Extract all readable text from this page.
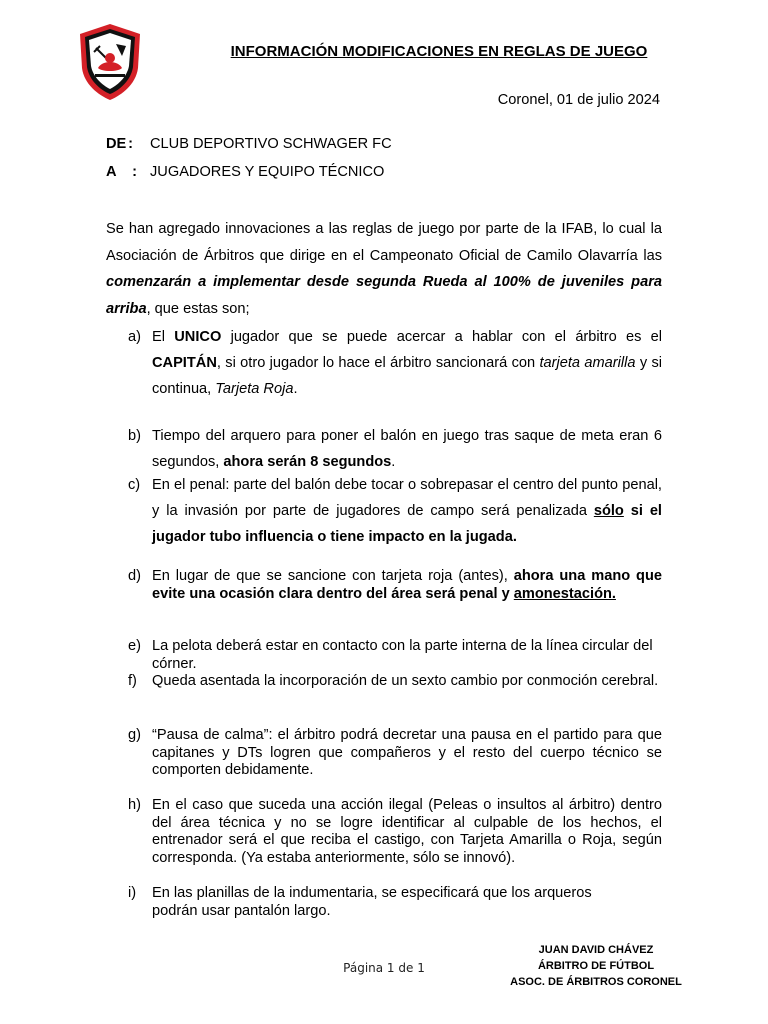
INFORMACIÓN MODIFICACIONES EN REGLAS DE JUEGO
Coronel, 01 de julio 2024
DE : CLUB DEPORTIVO SCHWAGER FC
A : JUGADORES Y EQUIPO TÉCNICO
Se han agregado innovaciones a las reglas de juego por parte de la IFAB, lo cual la Asociación de Árbitros que dirige en el Campeonato Oficial de Camilo Olavarría las comenzarán a implementar desde segunda Rueda al 100% de juveniles para arriba, que estas son;
a) El UNICO jugador que se puede acercar a hablar con el árbitro es el CAPITÁN, si otro jugador lo hace el árbitro sancionará con tarjeta amarilla y si continua, Tarjeta Roja.
b) Tiempo del arquero para poner el balón en juego tras saque de meta eran 6 segundos, ahora serán 8 segundos.
c) En el penal: parte del balón debe tocar o sobrepasar el centro del punto penal, y la invasión por parte de jugadores de campo será penalizada sólo si el jugador tubo influencia o tiene impacto en la jugada.
d) En lugar de que se sancione con tarjeta roja (antes), ahora una mano que evite una ocasión clara dentro del área será penal y amonestación.
e) La pelota deberá estar en contacto con la parte interna de la línea circular del córner.
f)	Queda asentada la incorporación de un sexto cambio por conmoción cerebral.
g) “Pausa de calma”: el árbitro podrá decretar una pausa en el partido para que capitanes y DTs logren que compañeros y el resto del cuerpo técnico se comporten debidamente.
h) En el caso que suceda una acción ilegal (Peleas o insultos al árbitro) dentro del área técnica y no se logre identificar al culpable de los hechos, el entrenador será el que reciba el castigo, con Tarjeta Amarilla o Roja, según corresponda. (Ya estaba anteriormente, sólo se innovó).
i)	En las planillas de la indumentaria, se especificará que los arqueros podrán usar pantalón largo.
Página 1 de 1
JUAN DAVID CHÁVEZ
ÁRBITRO DE FÚTBOL
ASOC. DE ÁRBITROS CORONEL
